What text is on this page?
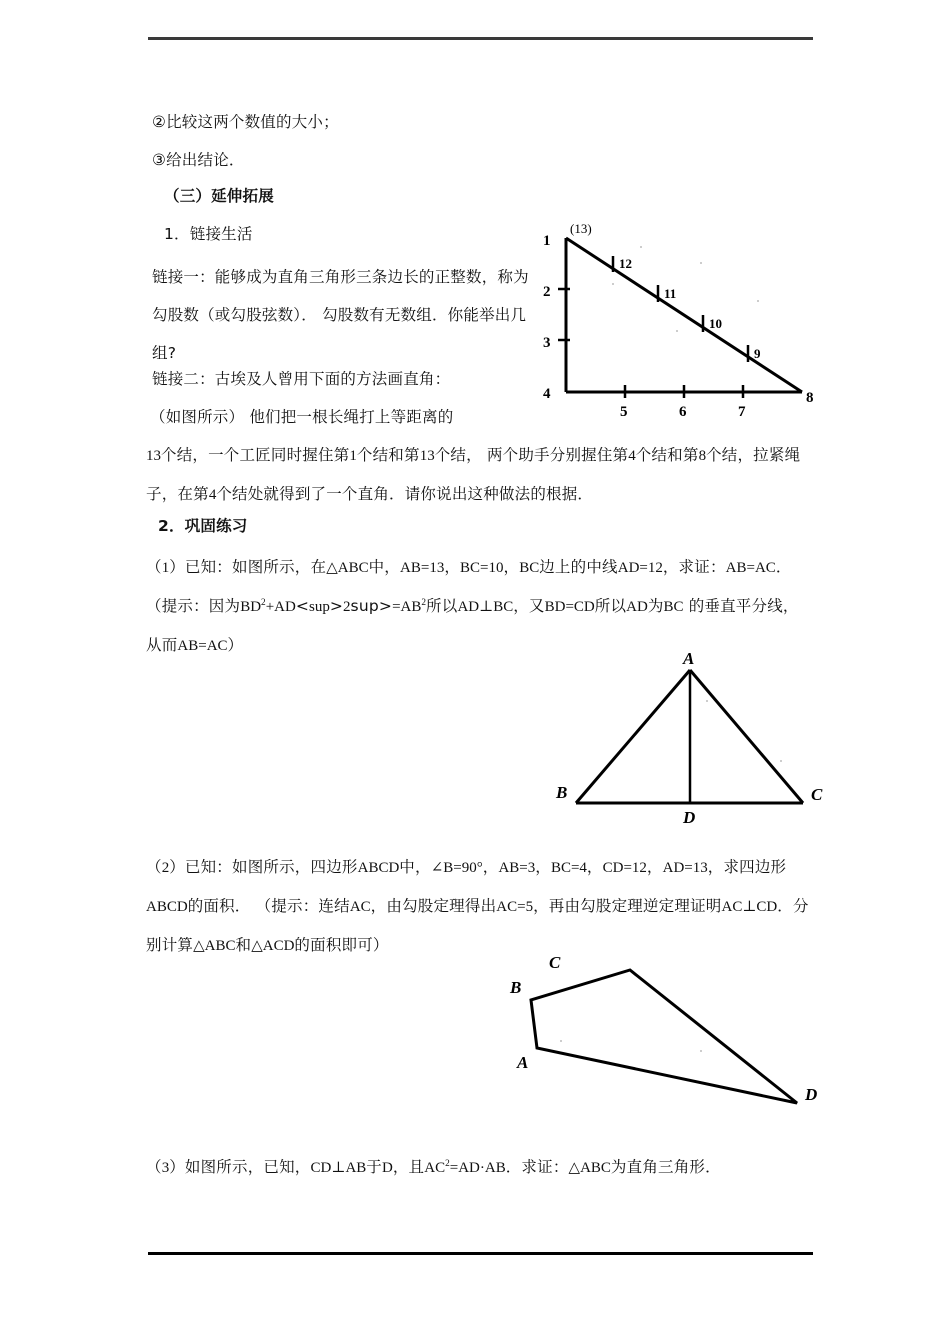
②比较这两个数值的大小；
③给出结论．
（三）延伸拓展
1．链接生活
链接一：能够成为直角三角形三条边长的正整数，称为勾股数（或勾股弦数）． 勾股数有无数组．你能举出几组?
链接二：古埃及人曾用下面的方法画直角：
（如图所示） 他们把一根长绳打上等距离的
13个结，一个工匠同时握住第1个结和第13个结， 两个助手分别握住第4个结和第8个结，拉紧绳子，在第4个结处就得到了一个直角．请你说出这种做法的根据．
2．巩固练习
（1）已知：如图所示，在△ABC中，AB=13，BC=10，BC边上的中线AD=12，求证：AB=AC． （提示：因为$BD^2+AD<sup>2sup>=AB^2$所以AD⊥BC，又BD=CD所以AD为BC 的垂直平分线， 从而AB=AC）
（2）已知：如图所示，四边形ABCD中，∠B=90°，AB=3，BC=4，CD=12，AD=13，求四边形ABCD的面积． （提示：连结AC，由勾股定理得出AC=5，再由勾股定理逆定理证明AC⊥CD．分别计算△ABC和△ACD的面积即可）
（3）如图所示，已知，CD⊥AB于D，且$AC^2=AD\cdot AB$．求证：△ABC为直角三角形．
(13)
1
2
3
4
5	6	7
8
12
11
10
9
A
B
D
C
C
B
A
D
